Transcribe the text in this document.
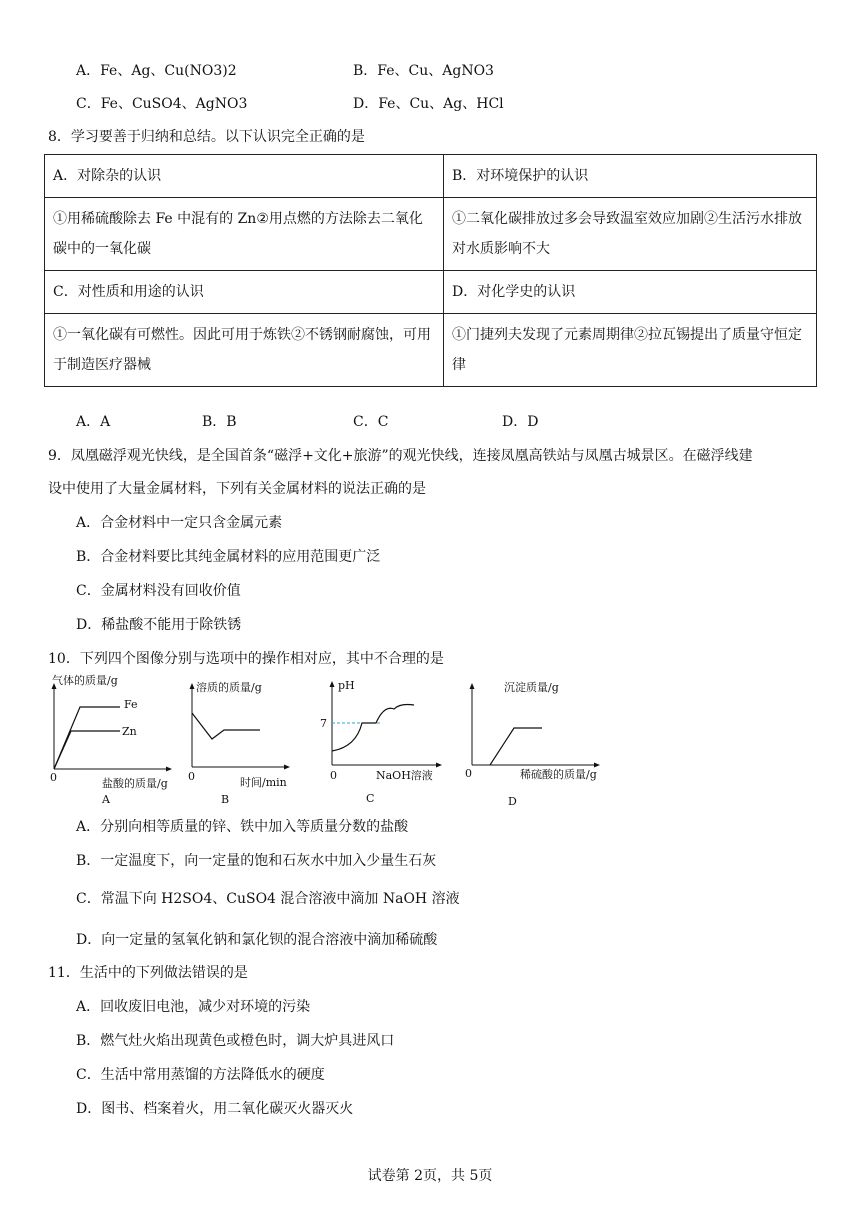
A．Fe、Ag、Cu(NO3)2	B．Fe、Cu、AgNO3
C．Fe、CuSO4、AgNO3	D．Fe、Cu、Ag、HCl
8．学习要善于归纳和总结。以下认识完全正确的是
A．对除杂的认识	B．对环境保护的认识
①用稀硫酸除去 Fe 中混有的 Zn②用点燃的方法除去二氧化碳中的一氧化碳	①二氧化碳排放过多会导致温室效应加剧②生活污水排放对水质影响不大
C．对性质和用途的认识	D．对化学史的认识
①一氧化碳有可燃性。因此可用于炼铁②不锈钢耐腐蚀，可用于制造医疗器械	①门捷列夫发现了元素周期律②拉瓦锡提出了质量守恒定律
A．A	B．B	C．C	D．D
9．凤凰磁浮观光快线，是全国首条“磁浮+文化+旅游”的观光快线，连接凤凰高铁站与凤凰古城景区。在磁浮线建
设中使用了大量金属材料，下列有关金属材料的说法正确的是
A．合金材料中一定只含金属元素
B．合金材料要比其纯金属材料的应用范围更广泛
C．金属材料没有回收价值
D．稀盐酸不能用于除铁锈
10．下列四个图像分别与选项中的操作相对应，其中不合理的是
气体的质量/g
Fe
Zn
0	盐酸的质量/g
A
溶质的质量/g
0	时间/min
B
pH
7
0	NaOH溶液
C
沉淀质量/g
0	稀硫酸的质量/g
D
A．分别向相等质量的锌、铁中加入等质量分数的盐酸
B．一定温度下，向一定量的饱和石灰水中加入少量生石灰
C．常温下向 H2SO4、CuSO4 混合溶液中滴加 NaOH 溶液
D．向一定量的氢氧化钠和氯化钡的混合溶液中滴加稀硫酸
11．生活中的下列做法错误的是
A．回收废旧电池，减少对环境的污染
B．燃气灶火焰出现黄色或橙色时，调大炉具进风口
C．生活中常用蒸馏的方法降低水的硬度
D．图书、档案着火，用二氧化碳灭火器灭火
试卷第 2页，共 5页
